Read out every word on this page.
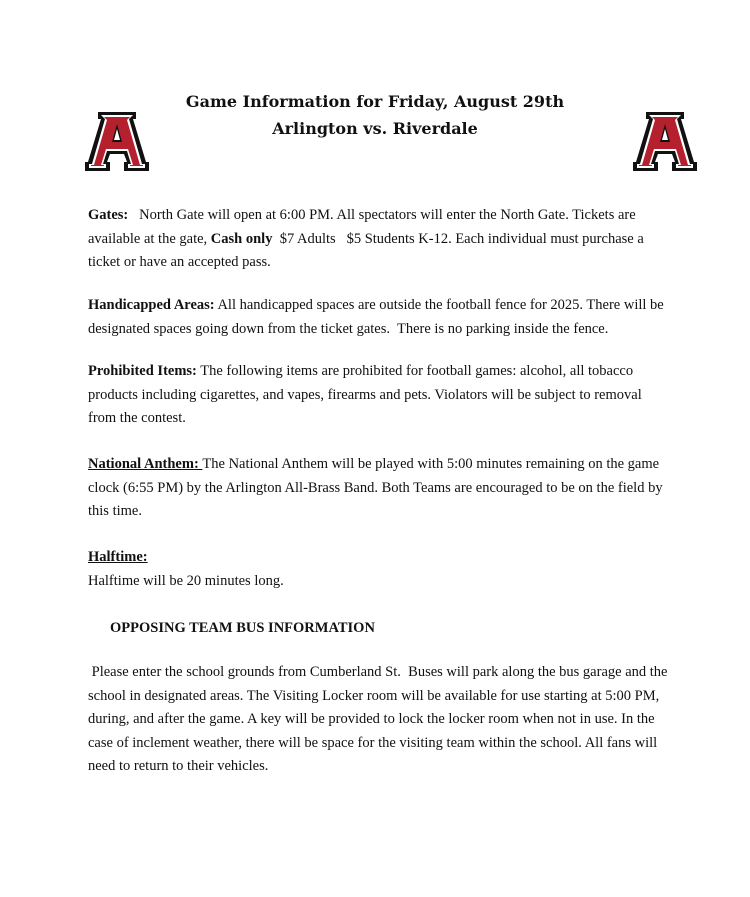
Game Information for Friday, August 29th
Arlington vs. Riverdale

Gates:   North Gate will open at 6:00 PM. All spectators will enter the North Gate. Tickets are available at the gate, Cash only  $7 Adults   $5 Students K-12. Each individual must purchase a ticket or have an accepted pass.

Handicapped Areas: All handicapped spaces are outside the football fence for 2025. There will be designated spaces going down from the ticket gates.  There is no parking inside the fence.

Prohibited Items: The following items are prohibited for football games: alcohol, all tobacco products including cigarettes, and vapes, firearms and pets. Violators will be subject to removal from the contest.

National Anthem: The National Anthem will be played with 5:00 minutes remaining on the game clock (6:55 PM) by the Arlington All-Brass Band. Both Teams are encouraged to be on the field by this time.

Halftime:

Halftime will be 20 minutes long.

OPPOSING TEAM BUS INFORMATION

Please enter the school grounds from Cumberland St.  Buses will park along the bus garage and the school in designated areas. The Visiting Locker room will be available for use starting at 5:00 PM, during, and after the game. A key will be provided to lock the locker room when not in use. In the case of inclement weather, there will be space for the visiting team within the school. All fans will need to return to their vehicles.
